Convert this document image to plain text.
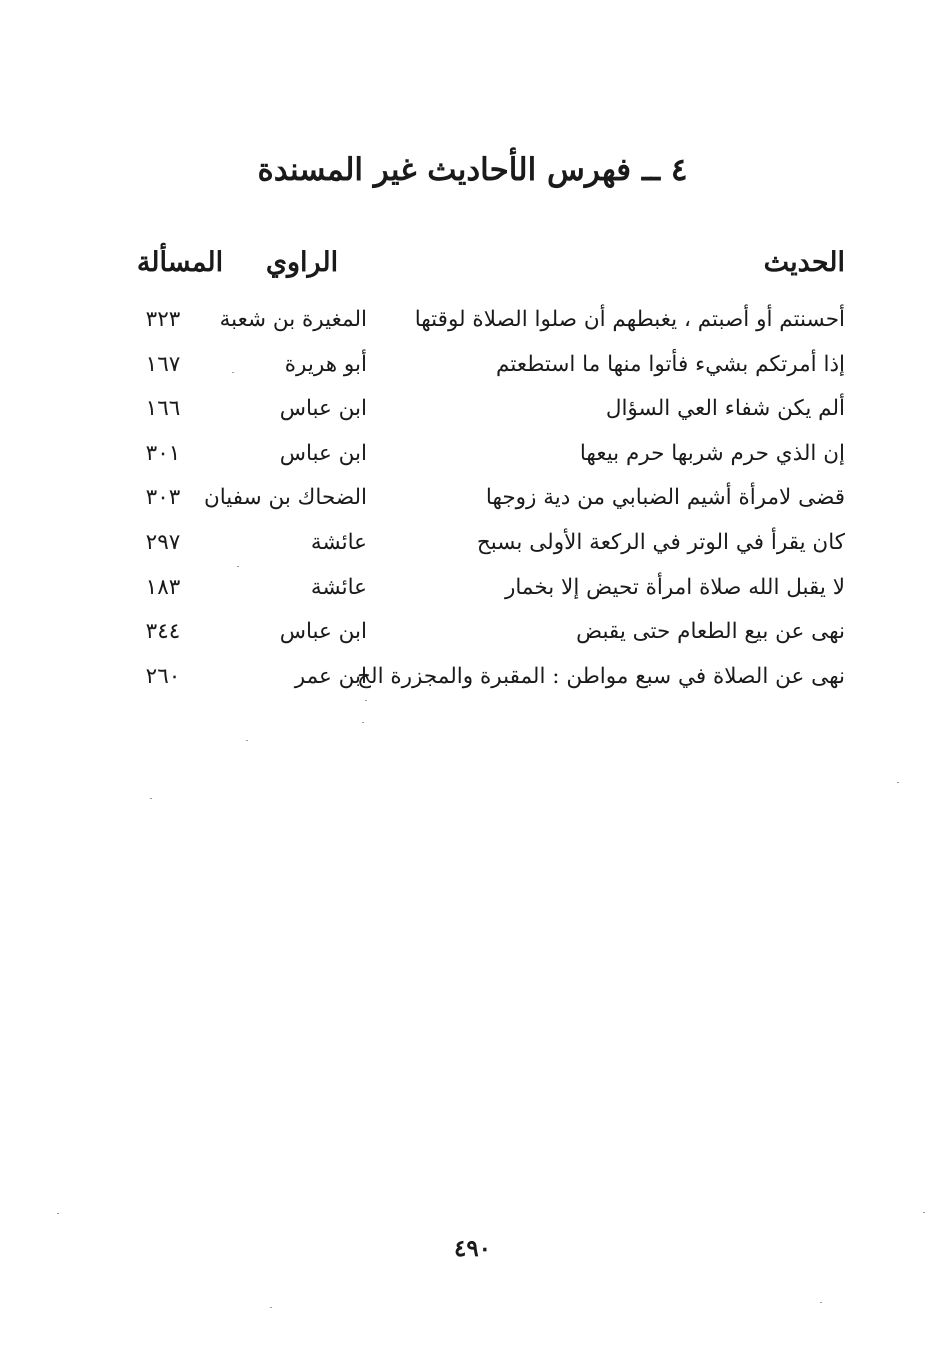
٤ ــ فهرس الأحاديث غير المسندة
الحديث
الراوي
المسألة
أحسنتم أو أصبتم ، يغبطهم أن صلوا الصلاة لوقتها
المغيرة بن شعبة
٣٢٣
إذا أمرتكم بشيء فأتوا منها ما استطعتم
أبو هريرة
١٦٧
ألم يكن شفاء العي السؤال
ابن عباس
١٦٦
إن الذي حرم شربها حرم بيعها
ابن عباس
٣٠١
قضى لامرأة أشيم الضبابي من دية زوجها
الضحاك بن سفيان
٣٠٣
كان يقرأ في الوتر في الركعة الأولى بسبح
عائشة
٢٩٧
لا يقبل الله صلاة امرأة تحيض إلا بخمار
عائشة
١٨٣
نهى عن بيع الطعام حتى يقبض
ابن عباس
٣٤٤
نهى عن الصلاة في سبع مواطن : المقبرة والمجزرة الخ
ابن عمر
٢٦٠
٤٩٠
